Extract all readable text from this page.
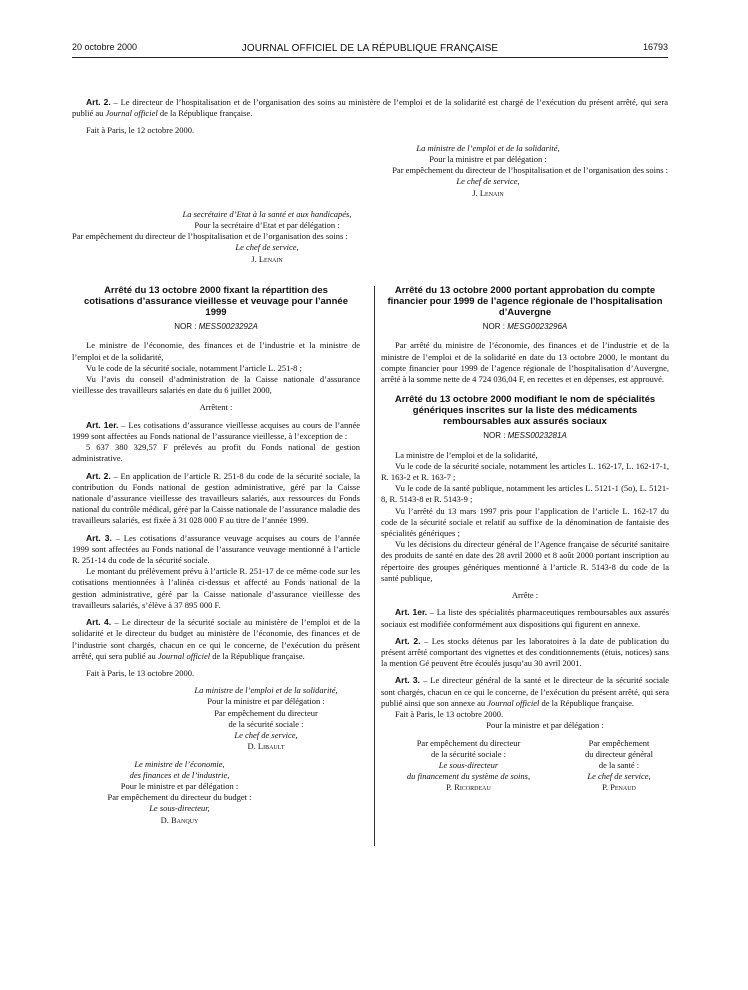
20 octobre 2000	JOURNAL OFFICIEL DE LA RÉPUBLIQUE FRANÇAISE	16793

Art. 2. – Le directeur de l’hospitalisation et de l’organisation des soins au ministère de l’emploi et de la solidarité est chargé de l’exécution du présent arrêté, qui sera publié au Journal officiel de la République française.

Fait à Paris, le 12 octobre 2000.

La ministre de l’emploi et de la solidarité,

Pour la ministre et par délégation :

Par empêchement du directeur de l’hospitalisation et de l’organisation des soins :

Le chef de service,

J. Lenain

La secrétaire d’Etat à la santé et aux handicapés,

Pour la secrétaire d’Etat et par délégation :

Par empêchement du directeur de l’hospitalisation et de l’organisation des soins :

Le chef de service,

J. Lenain

Arrêté du 13 octobre 2000 fixant la répartition des cotisations d’assurance vieillesse et veuvage pour l’année 1999

NOR : MESS0023292A

Le ministre de l’économie, des finances et de l’industrie et la ministre de l’emploi et de la solidarité,

Vu le code de la sécurité sociale, notamment l’article L. 251-8 ;

Vu l’avis du conseil d’administration de la Caisse nationale d’assurance vieillesse des travailleurs salariés en date du 6 juillet 2000,

Arrêtent :

Art. 1er. – Les cotisations d’assurance vieillesse acquises au cours de l’année 1999 sont affectées au Fonds national de l’assurance vieillesse, à l’exception de :

5 637 380 329,57 F prélevés au profit du Fonds national de gestion administrative.

Art. 2. – En application de l’article R. 251-8 du code de la sécurité sociale, la contribution du Fonds national de gestion administrative, géré par la Caisse nationale d’assurance vieillesse des travailleurs salariés, aux ressources du Fonds national du contrôle médical, géré par la Caisse nationale de l’assurance maladie des travailleurs salariés, est fixée à 31 028 000 F au titre de l’année 1999.

Art. 3. – Les cotisations d’assurance veuvage acquises au cours de l’année 1999 sont affectées au Fonds national de l’assurance veuvage mentionné à l’article R. 251-14 du code de la sécurité sociale.

Le montant du prélèvement prévu à l’article R. 251-17 de ce même code sur les cotisations mentionnées à l’alinéa ci-dessus et affecté au Fonds national de la gestion administrative, géré par la Caisse nationale d’assurance vieillesse des travailleurs salariés, s’élève à 37 895 000 F.

Art. 4. – Le directeur de la sécurité sociale au ministère de l’emploi et de la solidarité et le directeur du budget au ministère de l’économie, des finances et de l’industrie sont chargés, chacun en ce qui le concerne, de l’exécution du présent arrêté, qui sera publié au Journal officiel de la République française.

Fait à Paris, le 13 octobre 2000.

La ministre de l’emploi et de la solidarité,

Pour la ministre et par délégation :

Par empêchement du directeur

de la sécurité sociale :

Le chef de service,

D. Libault

Le ministre de l’économie,

des finances et de l’industrie,

Pour le ministre et par délégation :

Par empêchement du directeur du budget :

Le sous-directeur,

D. Banquy

Arrêté du 13 octobre 2000 portant approbation du compte financier pour 1999 de l’agence régionale de l’hospitalisation d’Auvergne

NOR : MESG0023296A

Par arrêté du ministre de l’économie, des finances et de l’industrie et de la ministre de l’emploi et de la solidarité en date du 13 octobre 2000, le montant du compte financier pour 1999 de l’agence régionale de l’hospitalisation d’Auvergne, arrêté à la somme nette de 4 724 036,04 F, en recettes et en dépenses, est approuvé.

Arrêté du 13 octobre 2000 modifiant le nom de spécialités génériques inscrites sur la liste des médicaments remboursables aux assurés sociaux

NOR : MESS0023281A

La ministre de l’emploi et de la solidarité,

Vu le code de la sécurité sociale, notamment les articles L. 162-17, L. 162-17-1, R. 163-2 et R. 163-7 ;

Vu le code de la santé publique, notamment les articles L. 5121-1 (5o), L. 5121-8, R. 5143-8 et R. 5143-9 ;

Vu l’arrêté du 13 mars 1997 pris pour l’application de l’article L. 162-17 du code de la sécurité sociale et relatif au suffixe de la dénomination de fantaisie des spécialités génériques ;

Vu les décisions du directeur général de l’Agence française de sécurité sanitaire des produits de santé en date des 28 avril 2000 et 8 août 2000 portant inscription au répertoire des groupes génériques mentionné à l’article R. 5143-8 du code de la santé publique,

Arrête :

Art. 1er. – La liste des spécialités pharmaceutiques remboursables aux assurés sociaux est modifiée conformément aux dispositions qui figurent en annexe.

Art. 2. – Les stocks détenus par les laboratoires à la date de publication du présent arrêté comportant des vignettes et des conditionnements (étuis, notices) sans la mention Gé peuvent être écoulés jusqu’au 30 avril 2001.

Art. 3. – Le directeur général de la santé et le directeur de la sécurité sociale sont chargés, chacun en ce qui le concerne, de l’exécution du présent arrêté, qui sera publié ainsi que son annexe au Journal officiel de la République française.

Fait à Paris, le 13 octobre 2000.

Pour la ministre et par délégation :

Par empêchement du directeur

de la sécurité sociale :

Le sous-directeur

du financement du système de soins,

P. Ricordeau

Par empêchement

du directeur général

de la santé :

Le chef de service,

P. Penaud
